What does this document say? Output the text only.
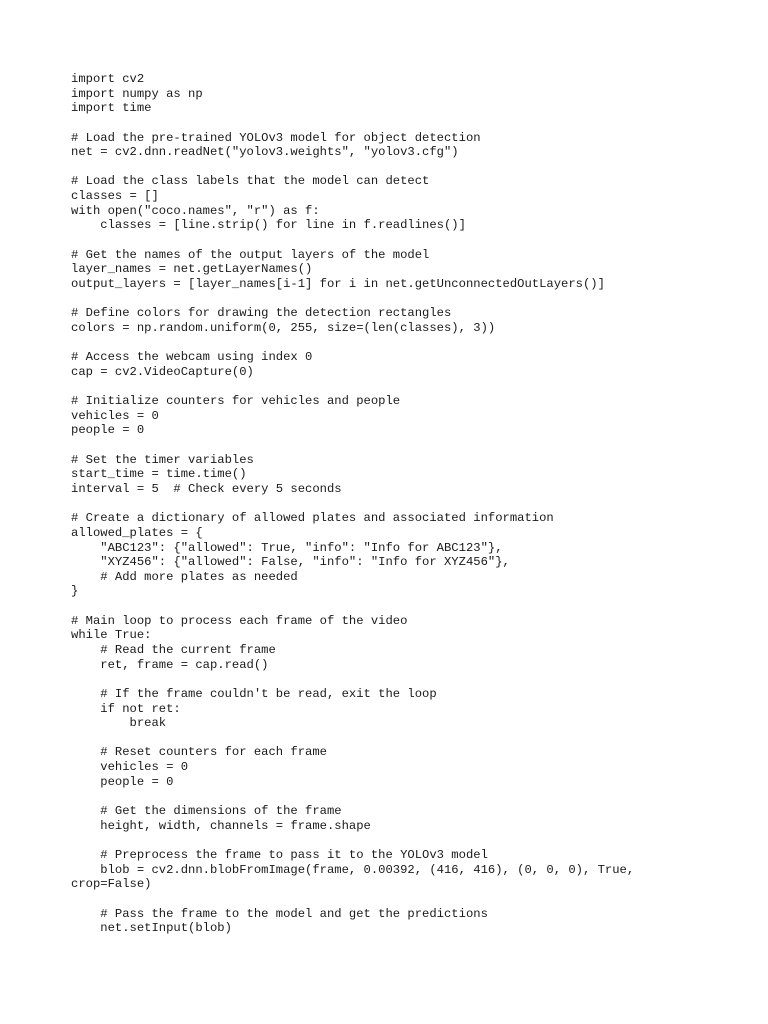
import cv2
import numpy as np
import time
# Load the pre-trained YOLOv3 model for object detection
net = cv2.dnn.readNet("yolov3.weights", "yolov3.cfg")
# Load the class labels that the model can detect
classes = []
with open("coco.names", "r") as f:
classes = [line.strip() for line in f.readlines()]
# Get the names of the output layers of the model
layer_names = net.getLayerNames()
output_layers = [layer_names[i-1] for i in net.getUnconnectedOutLayers()]
# Define colors for drawing the detection rectangles
colors = np.random.uniform(0, 255, size=(len(classes), 3))
# Access the webcam using index 0
cap = cv2.VideoCapture(0)
# Initialize counters for vehicles and people
vehicles = 0
people = 0
# Set the timer variables
start_time = time.time()
interval = 5  # Check every 5 seconds
# Create a dictionary of allowed plates and associated information
allowed_plates = {
"ABC123": {"allowed": True, "info": "Info for ABC123"},
"XYZ456": {"allowed": False, "info": "Info for XYZ456"},
# Add more plates as needed
}
# Main loop to process each frame of the video
while True:
# Read the current frame
ret, frame = cap.read()
# If the frame couldn't be read, exit the loop
if not ret:
break
# Reset counters for each frame
vehicles = 0
people = 0
# Get the dimensions of the frame
height, width, channels = frame.shape
# Preprocess the frame to pass it to the YOLOv3 model
blob = cv2.dnn.blobFromImage(frame, 0.00392, (416, 416), (0, 0, 0), True,
crop=False)
# Pass the frame to the model and get the predictions
net.setInput(blob)
